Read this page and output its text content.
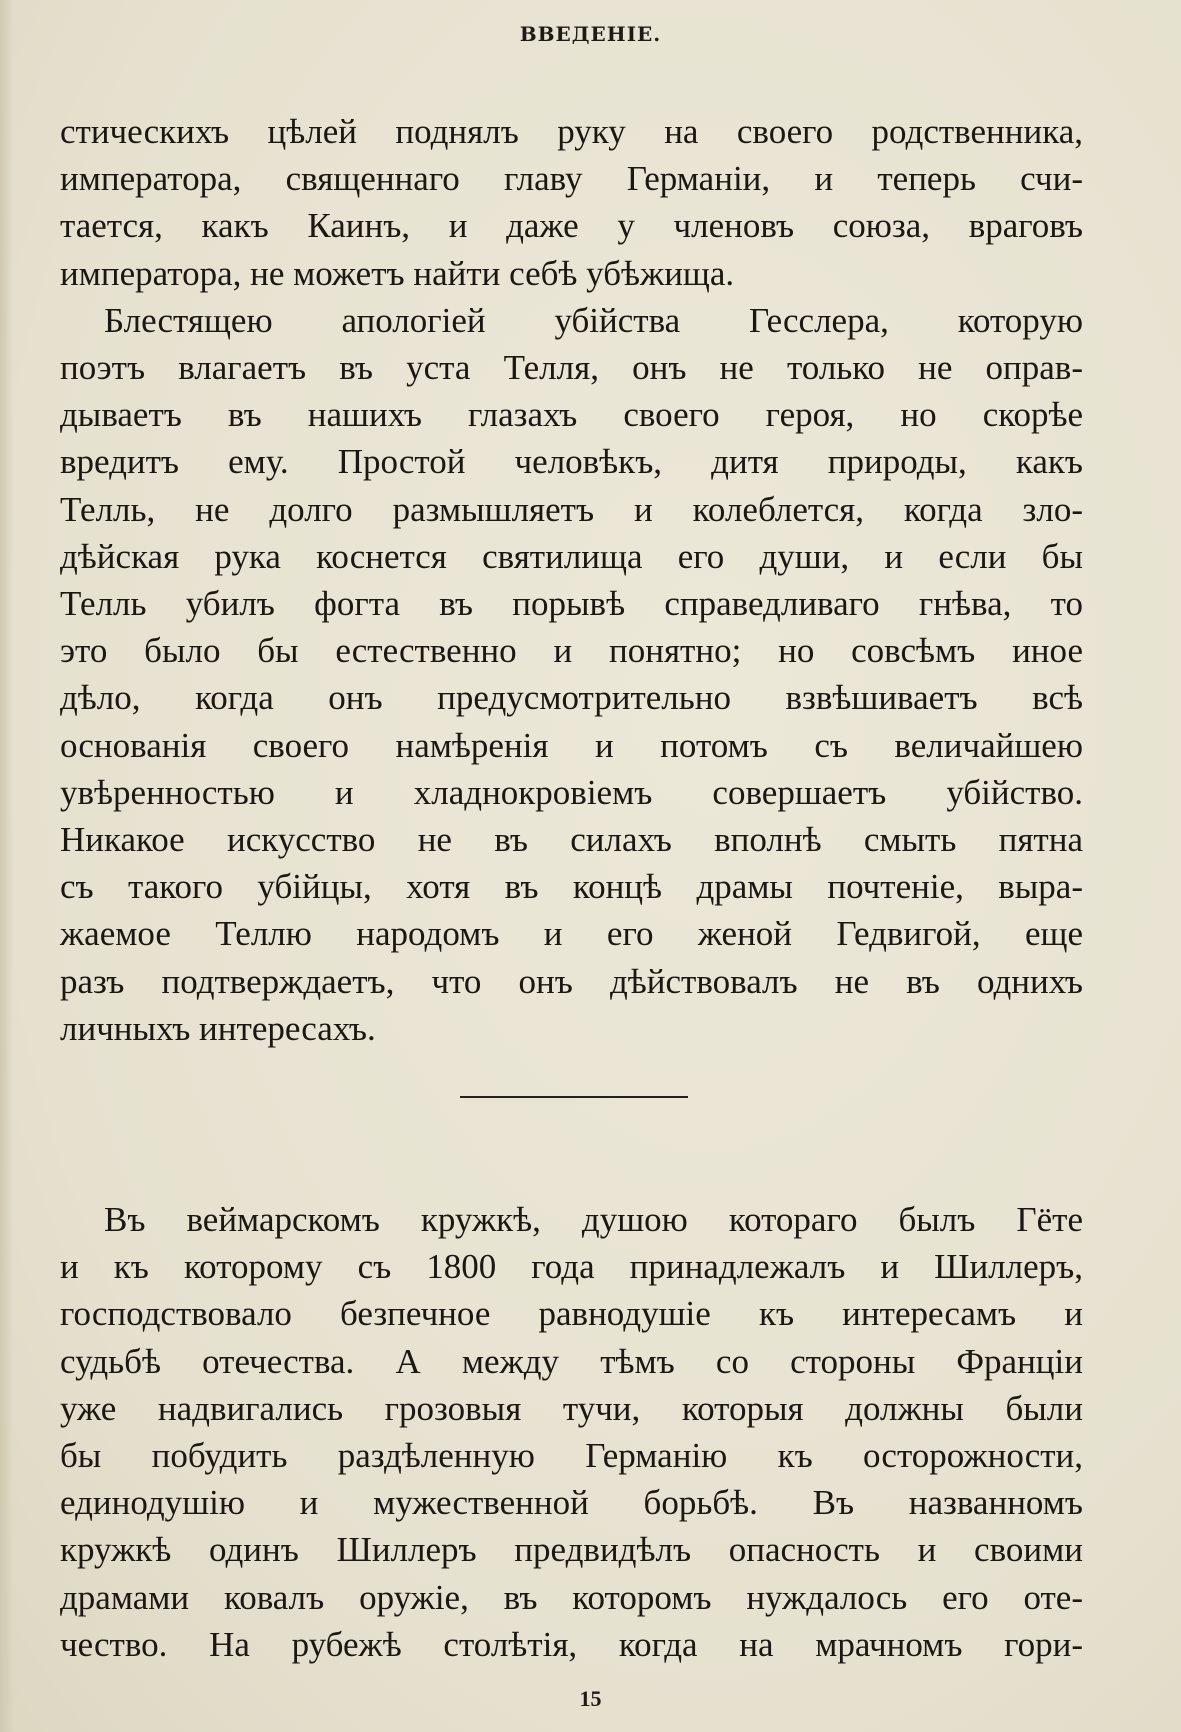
ВВЕДЕНІЕ.
стическихъ цѣлей поднялъ руку на своего родственника,
императора, священнаго главу Германіи, и теперь счи-
тается, какъ Каинъ, и даже у членовъ союза, враговъ
императора, не можетъ найти себѣ убѣжища.
Блестящею апологіей убійства Гесслера, которую
поэтъ влагаетъ въ уста Телля, онъ не только не оправ-
дываетъ въ нашихъ глазахъ своего героя, но скорѣе
вредитъ ему. Простой человѣкъ, дитя природы, какъ
Телль, не долго размышляетъ и колеблется, когда зло-
дѣйская рука коснется святилища его души, и если бы
Телль убилъ фогта въ порывѣ справедливаго гнѣва, то
это было бы естественно и понятно; но совсѣмъ иное
дѣло, когда онъ предусмотрительно взвѣшиваетъ всѣ
основанія своего намѣренія и потомъ съ величайшею
увѣренностью и хладнокровіемъ совершаетъ убійство.
Никакое искусство не въ силахъ вполнѣ смыть пятна
съ такого убійцы, хотя въ концѣ драмы почтеніе, выра-
жаемое Теллю народомъ и его женой Гедвигой, еще
разъ подтверждаетъ, что онъ дѣйствовалъ не въ однихъ
личныхъ интересахъ.
Въ веймарскомъ кружкѣ, душою котораго былъ Гёте
и къ которому съ 1800 года принадлежалъ и Шиллеръ,
господствовало безпечное равнодушіе къ интересамъ и
судьбѣ отечества. А между тѣмъ со стороны Франціи
уже надвигались грозовыя тучи, которыя должны были
бы побудить раздѣленную Германію къ осторожности,
единодушію и мужественной борьбѣ. Въ названномъ
кружкѣ одинъ Шиллеръ предвидѣлъ опасность и своими
драмами ковалъ оружіе, въ которомъ нуждалось его оте-
чество. На рубежѣ столѣтія, когда на мрачномъ гори-
15
